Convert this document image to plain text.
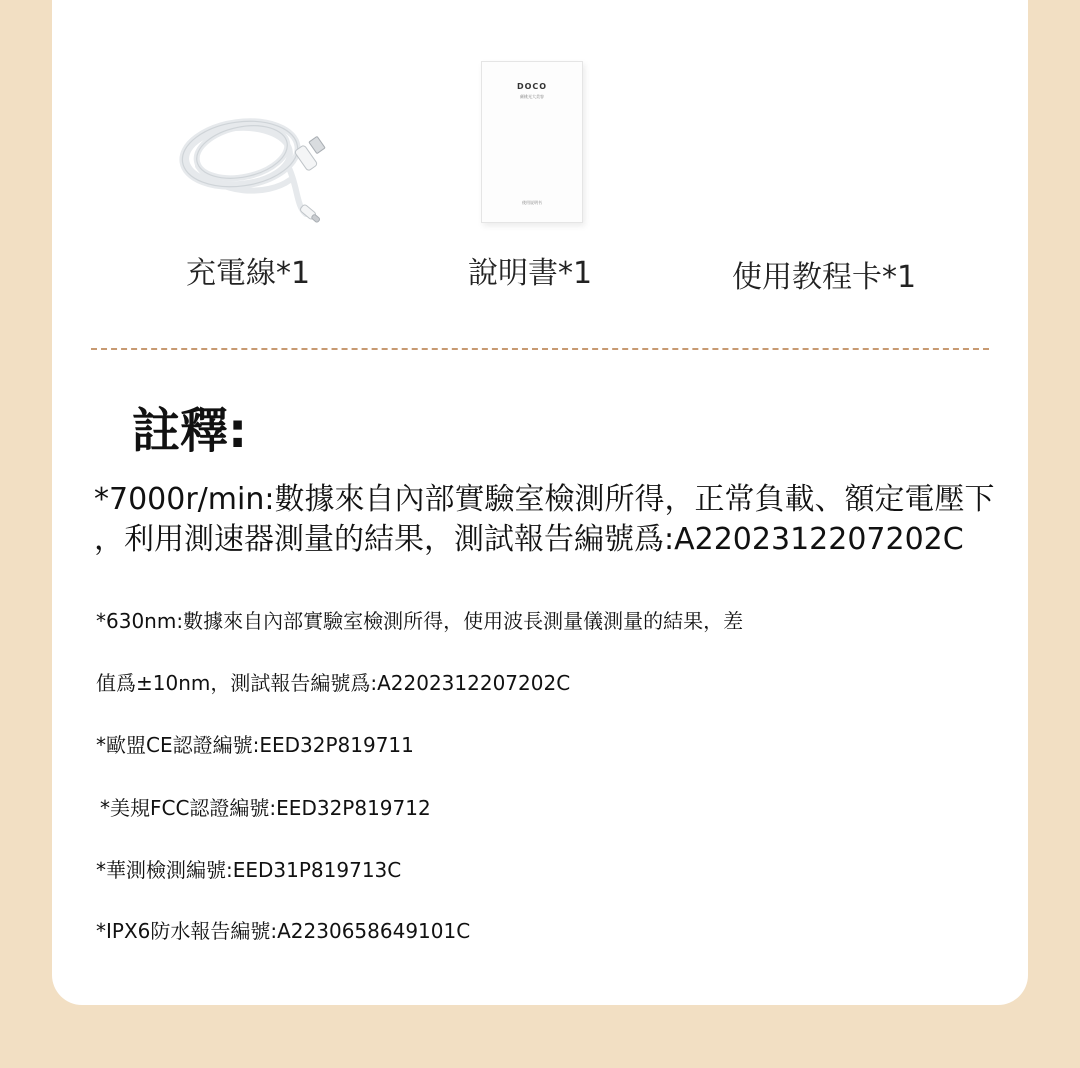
DOCO
颜桃光大美容
使用说明书
充電線*1	說明書*1	使用教程卡*1
註釋:

*7000r/min:數據來自內部實驗室檢測所得，正常負載、額定電壓下

，利用測速器測量的結果，測試報告編號爲:A2202312207202C

*630nm:數據來自內部實驗室檢測所得，使用波長測量儀測量的結果，差
值爲±10nm，測試報告編號爲:A2202312207202C
*歐盟CE認證編號:EED32P819711
*美規FCC認證編號:EED32P819712
*華測檢測編號:EED31P819713C
*IPX6防水報告編號:A2230658649101C
